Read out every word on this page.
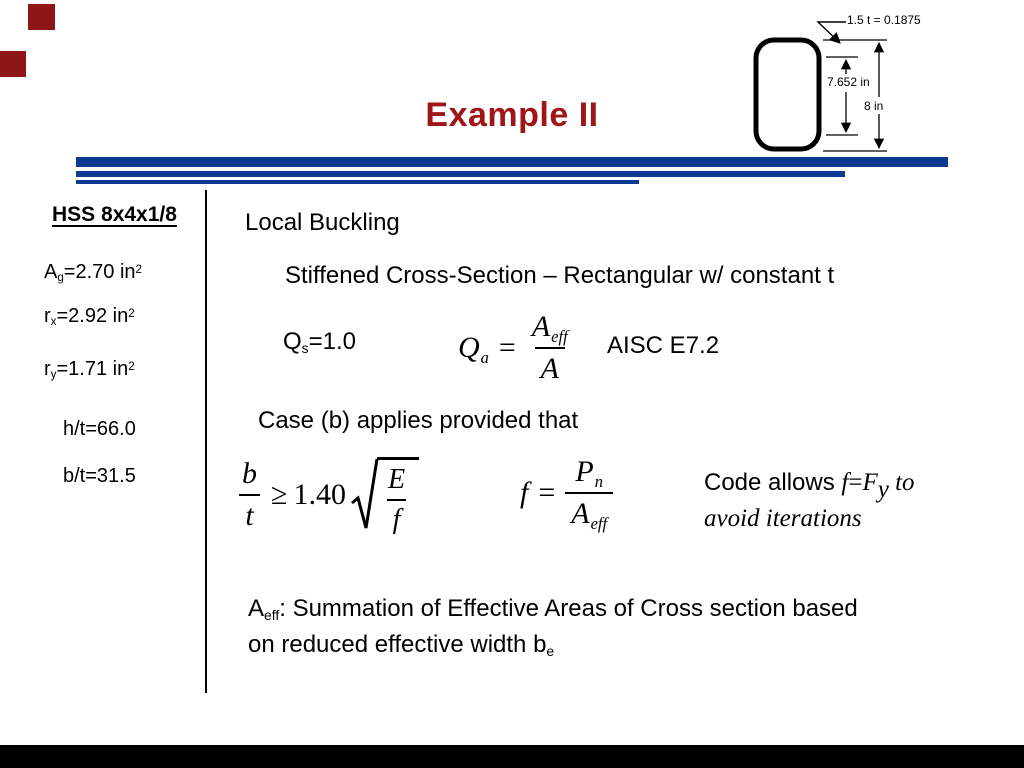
Example II
1.5 t = 0.1875
7.652 in
8 in
HSS 8x4x1/8
Ag=2.70 $in^2$
rx=2.92 $in^2$
ry=1.71 $in^2$
h/t=66.0
b/t=31.5
Local Buckling
Stiffened Cross-Section – Rectangular w/ constant t
Qs=1.0	$Q_a = \frac{A_{eff}}{A}$ AISC E7.2
Case (b) applies provided that
$\frac{b}{t} \ge 1.40 \frac{E}{f}$	$f = \frac{P_n}{A_{eff}}$	Code allows f=Fy to
avoid iterations
Aeff: Summation of Effective Areas of Cross section based
on reduced effective width be
